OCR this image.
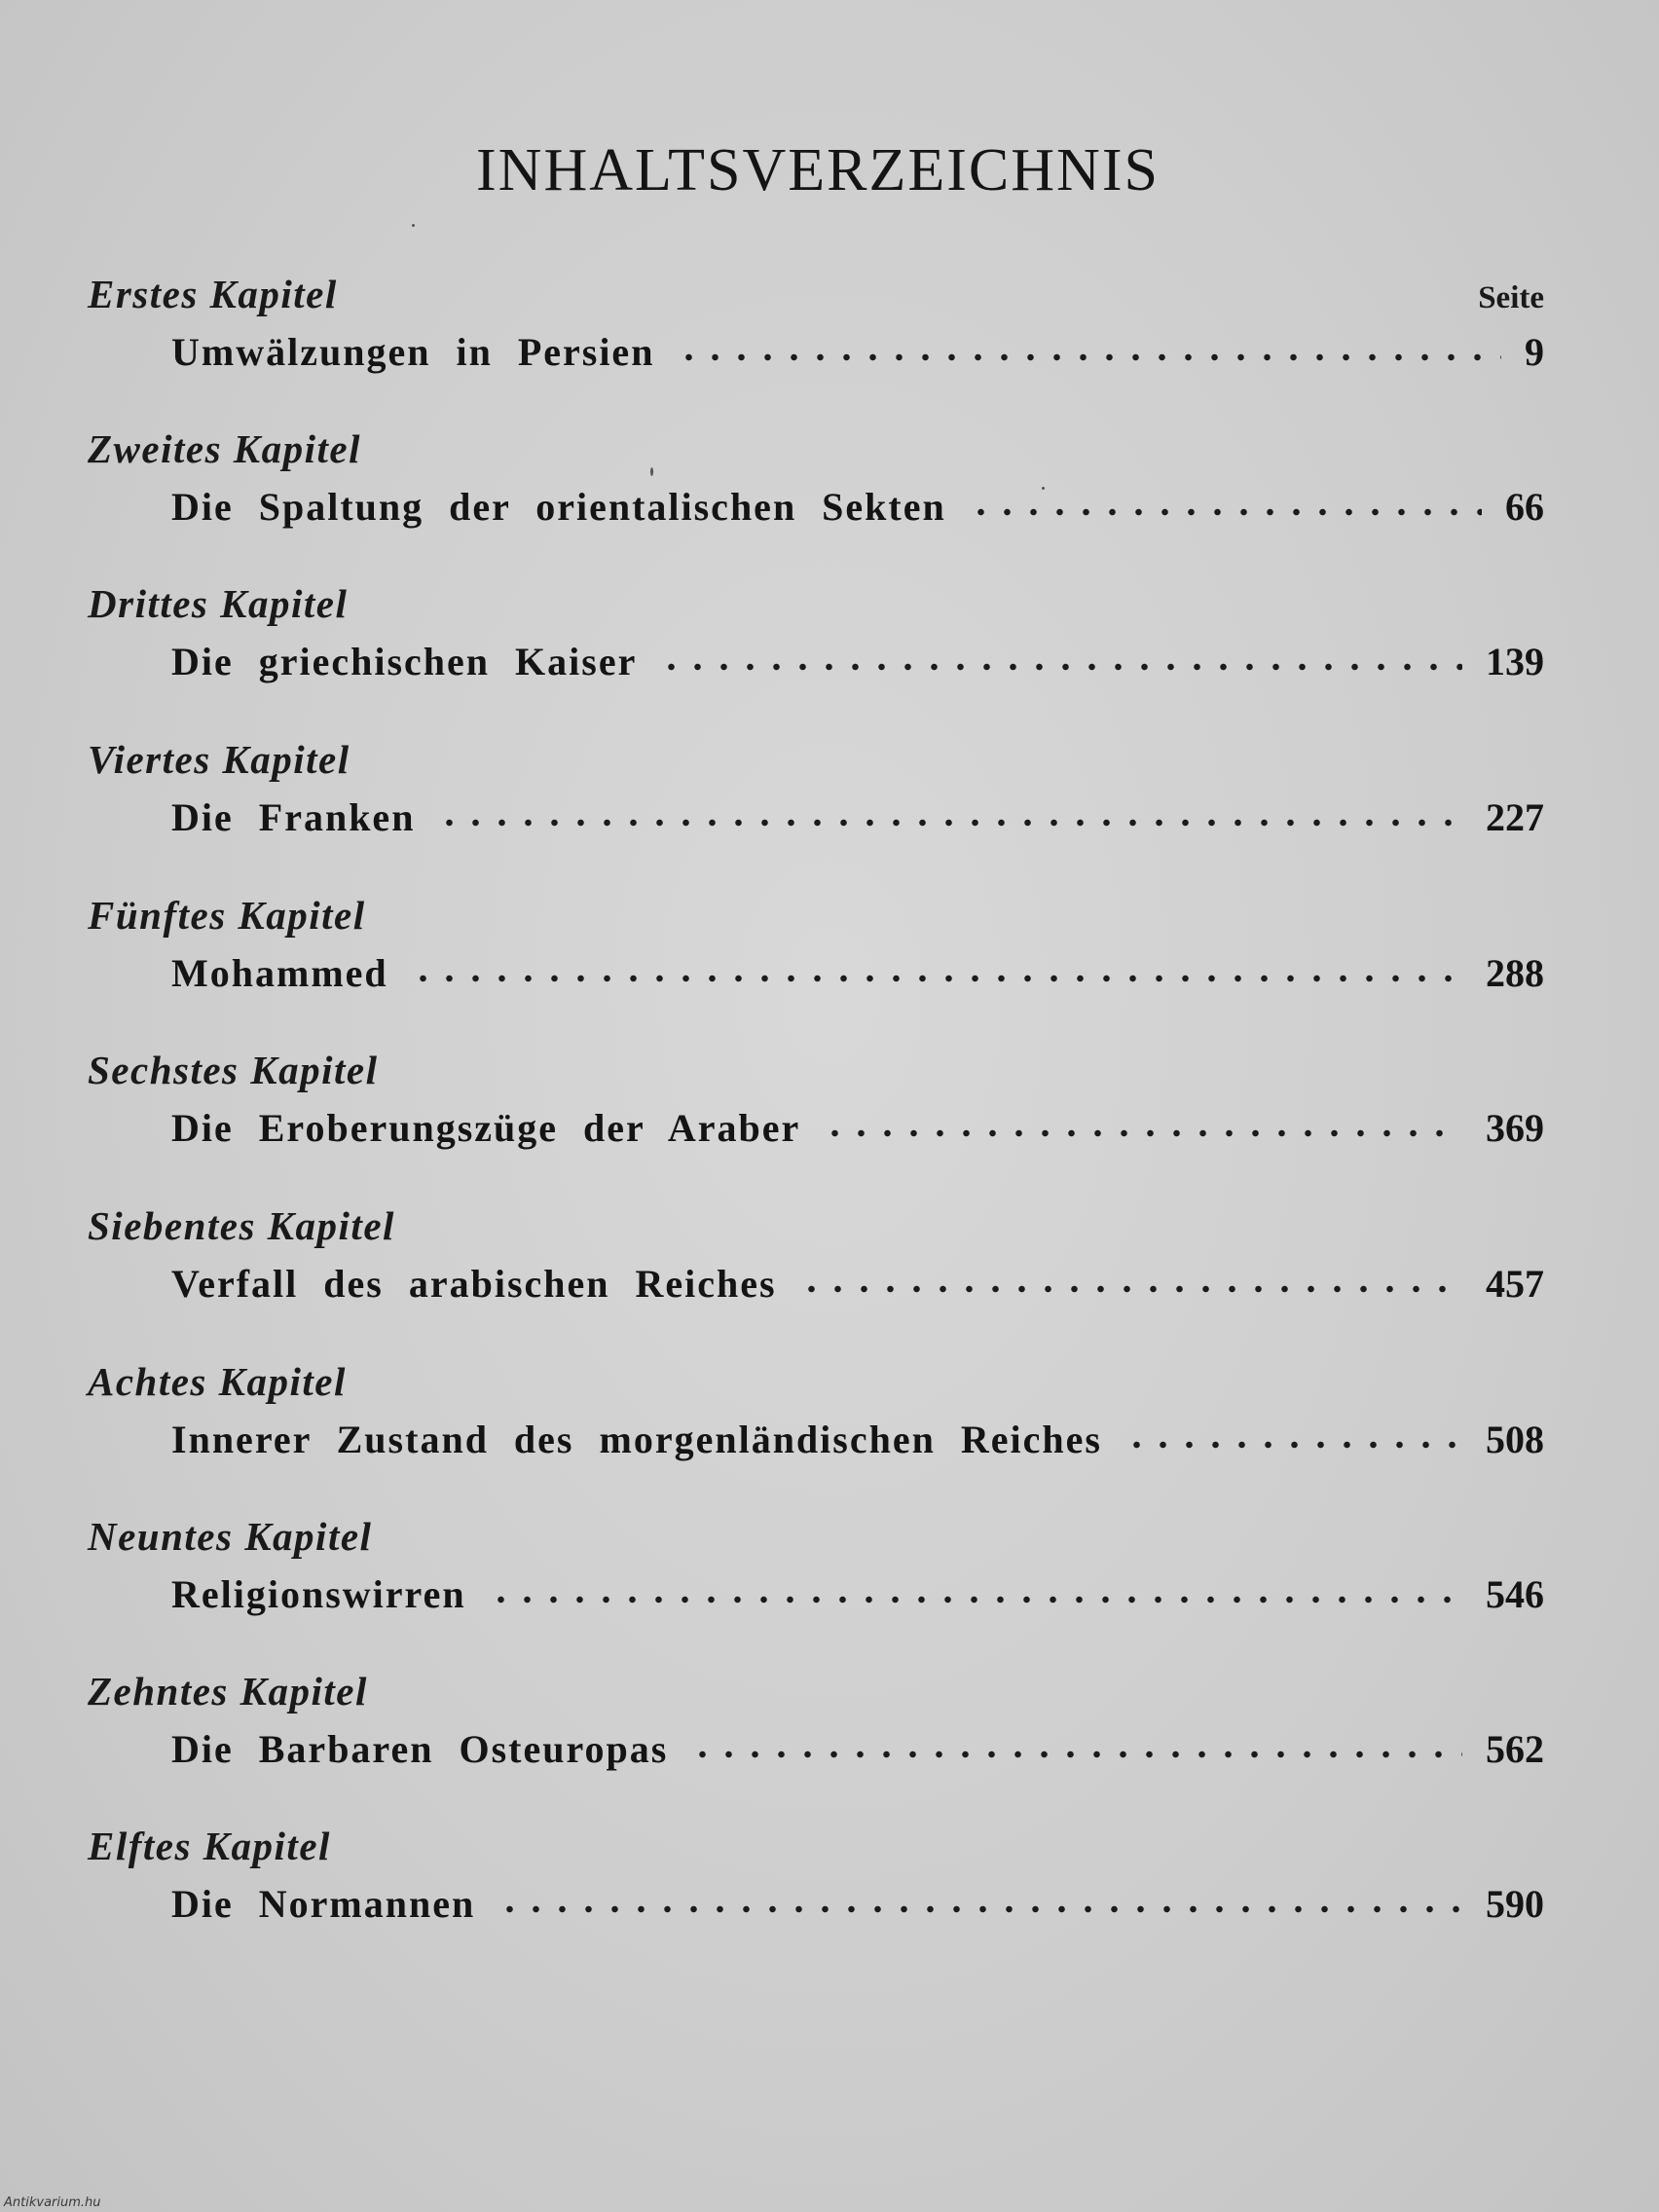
INHALTSVERZEICHNIS
Seite
Erstes Kapitel
Umwälzungen in Persien	9
Zweites Kapitel
Die Spaltung der orientalischen Sekten	66
Drittes Kapitel
Die griechischen Kaiser	139
Viertes Kapitel
Die Franken	227
Fünftes Kapitel
Mohammed	288
Sechstes Kapitel
Die Eroberungszüge der Araber	369
Siebentes Kapitel
Verfall des arabischen Reiches	457
Achtes Kapitel
Innerer Zustand des morgenländischen Reiches	508
Neuntes Kapitel
Religionswirren	546
Zehntes Kapitel
Die Barbaren Osteuropas	562
Elftes Kapitel
Die Normannen	590
Antikvarium.hu
